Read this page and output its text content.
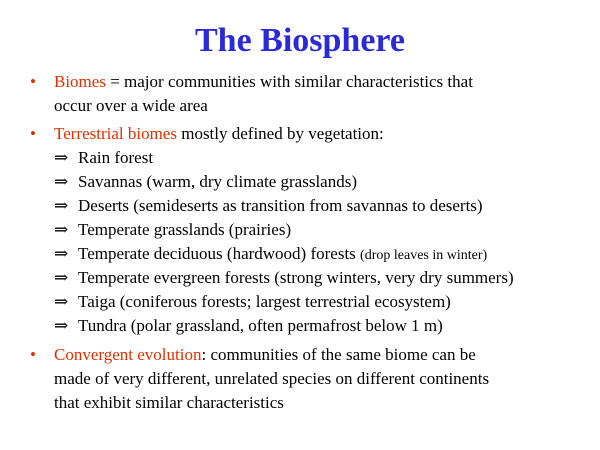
The Biosphere
• Biomes = major communities with similar characteristics that
occur over a wide area
• Terrestrial biomes mostly defined by vegetation:
⇒ Rain forest
⇒ Savannas (warm, dry climate grasslands)
⇒ Deserts (semideserts as transition from savannas to deserts)
⇒ Temperate grasslands (prairies)
⇒ Temperate deciduous (hardwood) forests (drop leaves in winter)
⇒ Temperate evergreen forests (strong winters, very dry summers)
⇒ Taiga (coniferous forests; largest terrestrial ecosystem)
⇒ Tundra (polar grassland, often permafrost below 1 m)
• Convergent evolution: communities of the same biome can be
made of very different, unrelated species on different continents
that exhibit similar characteristics
